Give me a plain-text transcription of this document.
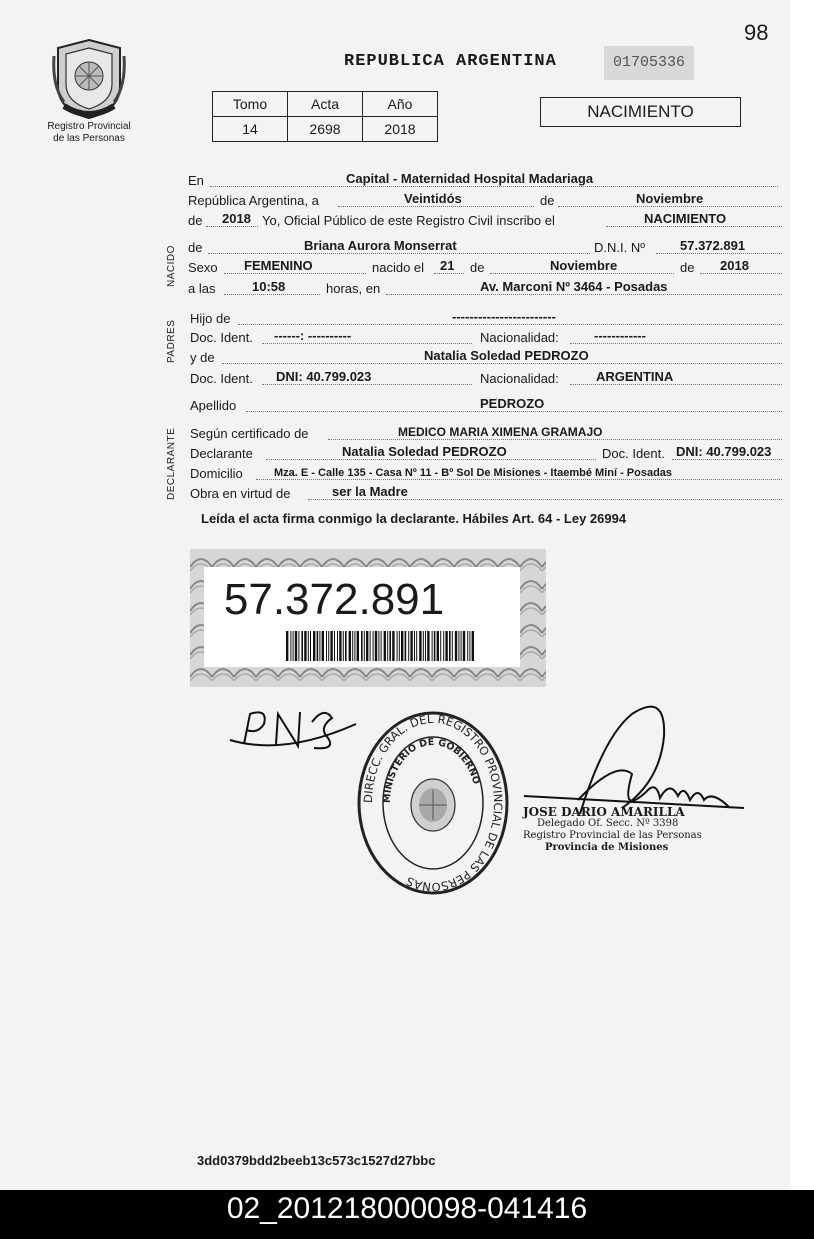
98
Registro Provincial
de las Personas
REPUBLICA ARGENTINA	01705336
Tomo	Acta	Año
14	2698	2018
NACIMIENTO
NACIDO
PADRES
DECLARANTE
En	Capital - Maternidad Hospital Madariaga
República Argentina, a	Veintidós	de	Noviembre
de 2018 Yo, Oficial Público de este Registro Civil inscribo el	NACIMIENTO
de	Briana Aurora Monserrat	D.N.I. Nº	57.372.891
Sexo FEMENINO	nacido el 21 de	Noviembre	de 2018
a las	10:58	horas, en	Av. Marconi Nº 3464 - Posadas
Hijo de	------------------------
Doc. Ident. ------: ----------	Nacionalidad:	------------
y de	Natalia Soledad PEDROZO
Doc. Ident. DNI: 40.799.023	Nacionalidad:	ARGENTINA
Apellido	PEDROZO
Según certificado de	MEDICO MARIA XIMENA GRAMAJO
Declarante	Natalia Soledad PEDROZO	Doc. Ident. DNI: 40.799.023
Domicilio	Mza. E - Calle 135 - Casa Nº 11 - Bº Sol De Misiones - Itaembé Miní - Posadas
Obra en virtud de	ser la Madre
Leída el acta firma conmigo la declarante. Hábiles Art. 64 - Ley 26994
57.372.891
DIRECC. GRAL. DEL REGISTRO PROVINCIAL DE LAS PERSONAS
MINISTERIO DE GOBIERNO
JOSE DARIO AMARILLA
Delegado Of. Secc. Nº 3398
Registro Provincial de las Personas
Provincia de Misiones
3dd0379bdd2beeb13c573c1527d27bbc
02_201218000098-041416
